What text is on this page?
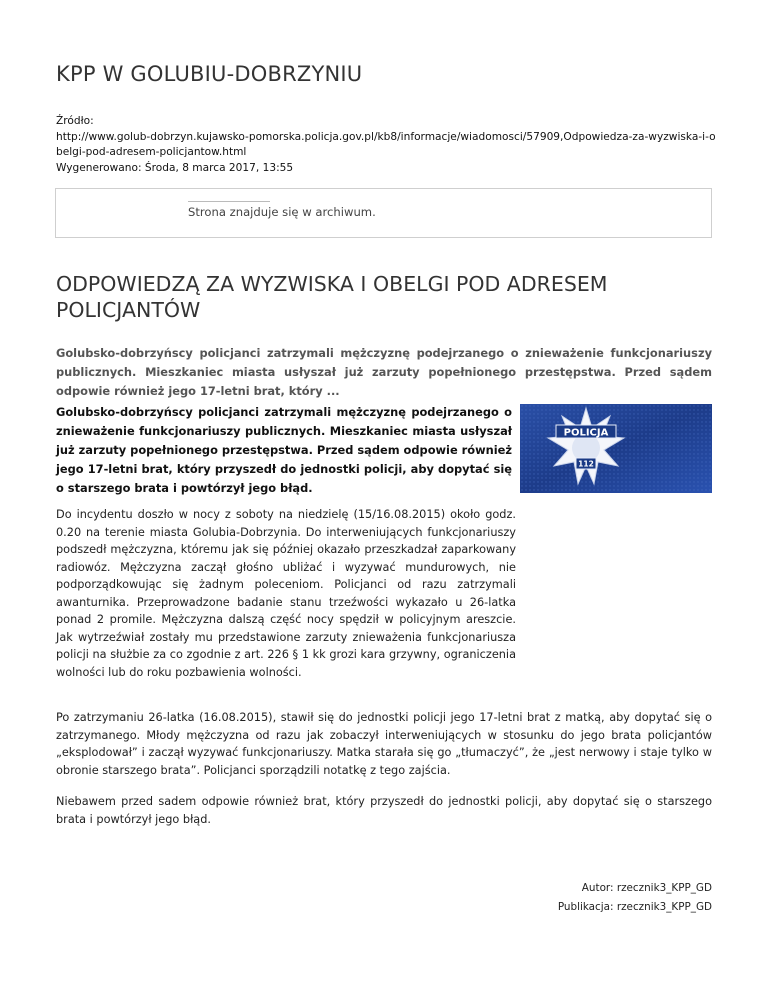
KPP W GOLUBIU-DOBRZYNIU
Źródło:
http://www.golub-dobrzyn.kujawsko-pomorska.policja.gov.pl/kb8/informacje/wiadomosci/57909,Odpowiedza-za-wyzwiska-i-o
belgi-pod-adresem-policjantow.html
Wygenerowano: Środa, 8 marca 2017, 13:55
Strona znajduje się w archiwum.
ODPOWIEDZĄ ZA WYZWISKA I OBELGI POD ADRESEM POLICJANTÓW

Golubsko-dobrzyńscy policjanci zatrzymali mężczyznę podejrzanego o znieważenie funkcjonariuszy publicznych. Mieszkaniec miasta usłyszał już zarzuty popełnionego przestępstwa. Przed sądem odpowie również jego 17-letni brat, który ...

Golubsko-dobrzyńscy policjanci zatrzymali mężczyznę podejrzanego o znieważenie funkcjonariuszy publicznych. Mieszkaniec miasta usłyszał już zarzuty popełnionego przestępstwa. Przed sądem odpowie również jego 17-letni brat, który przyszedł do jednostki policji, aby dopytać się o starszego brata i powtórzył jego błąd.

POLICJA
112

Do incydentu doszło w nocy z soboty na niedzielę (15/16.08.2015) około godz. 0.20 na terenie miasta Golubia-Dobrzynia. Do interweniujących funkcjonariuszy podszedł mężczyzna, któremu jak się później okazało przeszkadzał zaparkowany radiowóz. Mężczyzna zaczął głośno ubliżać i wyzywać mundurowych, nie podporządkowując się żadnym poleceniom. Policjanci od razu zatrzymali awanturnika. Przeprowadzone badanie stanu trzeźwości wykazało u 26-latka ponad 2 promile. Mężczyzna dalszą część nocy spędził w policyjnym areszcie. Jak wytrzeźwiał zostały mu przedstawione zarzuty znieważenia funkcjonariusza policji na służbie za co zgodnie z art. 226 § 1 kk grozi kara grzywny, ograniczenia wolności lub do roku pozbawienia wolności.

Po zatrzymaniu 26-latka (16.08.2015), stawił się do jednostki policji jego 17-letni brat z matką, aby dopytać się o zatrzymanego. Młody mężczyzna od razu jak zobaczył interweniujących w stosunku do jego brata policjantów „eksplodował” i zaczął wyzywać funkcjonariuszy. Matka starała się go „tłumaczyć”, że „jest nerwowy i staje tylko w obronie starszego brata”. Policjanci sporządzili notatkę z tego zajścia.

Niebawem przed sadem odpowie również brat, który przyszedł do jednostki policji, aby dopytać się o starszego brata i powtórzył jego błąd.

Autor: rzecznik3_KPP_GD
Publikacja: rzecznik3_KPP_GD
